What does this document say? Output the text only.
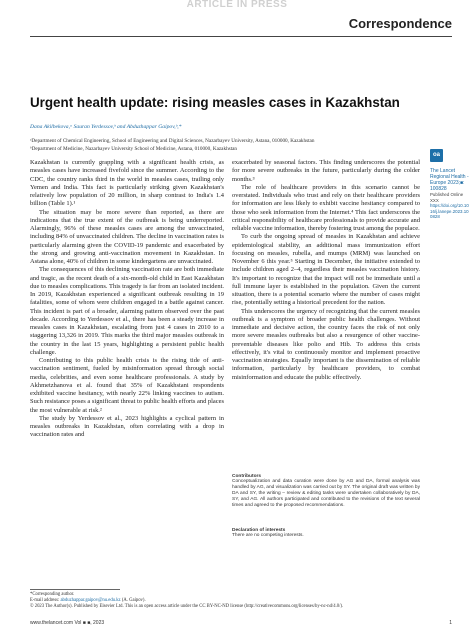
ARTICLE IN PRESS
Correspondence
Urgent health update: rising measles cases in Kazakhstan
Dana Akilbekova,ᵃ Sauran Yerdessov,ᵇ and Abduzhappar Gaipov,ᵇ,*
ᵃDepartment of Chemical Engineering, School of Engineering and Digital Sciences, Nazarbayev University, Astana, 010000, Kazakhstan
ᵇDepartment of Medicine, Nazarbayev University School of Medicine, Astana, 010000, Kazakhstan

Kazakhstan is currently grappling with a significant health crisis, as measles cases have increased fivefold since the summer. According to the CDC, the country ranks third in the world in measles cases, trailing only Yemen and India. This fact is particularly striking given Kazakhstan's relatively low population of 20 million, in sharp contrast to India's 1.4 billion (Table 1).¹

The situation may be more severe than reported, as there are indications that the true extent of the outbreak is being underreported. Alarmingly, 96% of these measles cases are among the unvaccinated, including 84% of unvaccinated children. The decline in vaccination rates is particularly alarming given the COVID-19 pandemic and exacerbated by the strong and growing anti-vaccination movement in Kazakhstan. In Astana alone, 40% of children in some kindergartens are unvaccinated.

The consequences of this declining vaccination rate are both immediate and tragic, as the recent death of a six-month-old child in East Kazakhstan due to measles complications. This tragedy is far from an isolated incident. In 2019, Kazakhstan experienced a significant outbreak resulting in 19 fatalities, some of whom were children engaged in a battle against cancer. This incident is part of a broader, alarming pattern observed over the past decade. According to Yerdessov et al., there has been a steady increase in measles cases in Kazakhstan, escalating from just 4 cases in 2010 to a staggering 13,326 in 2019. This marks the third major measles outbreak in the country in the last 15 years, highlighting a persistent public health challenge.

Contributing to this public health crisis is the rising tide of anti-vaccination sentiment, fueled by misinformation spread through social media, celebrities, and even some healthcare professionals. A study by Akhmetzhanova et al. found that 35% of Kazakhstani respondents exhibited vaccine hesitancy, with nearly 22% linking vaccines to autism. Such resistance poses a significant threat to public health efforts and places the most vulnerable at risk.²

The study by Yerdessov et al., 2023 highlights a cyclical pattern in measles outbreaks in Kazakhstan, often correlating with a drop in vaccination rates and

exacerbated by seasonal factors. This finding underscores the potential for more severe outbreaks in the future, particularly during the colder months.³

The role of healthcare providers in this scenario cannot be overstated. Individuals who trust and rely on their healthcare providers for information are less likely to exhibit vaccine hesitancy compared to those who seek information from the Internet.⁴ This fact underscores the critical responsibility of healthcare professionals to provide accurate and reliable vaccine information, thereby fostering trust among the populace.

To curb the ongoing spread of measles in Kazakhstan and achieve epidemiological stability, an additional mass immunization effort focusing on measles, rubella, and mumps (MRM) was launched on November 6 this year.⁵ Starting in December, the initiative extended to include children aged 2–4, regardless their measles vaccination history. It's important to recognize that the impact will not be immediate until a full immune layer is established in the population. Given the current situation, there is a potential scenario where the number of cases might rise, potentially setting a historical precedent for the nation.

This underscores the urgency of recognizing that the current measles outbreak is a symptom of broader public health challenges. Without immediate and decisive action, the country faces the risk of not only more severe measles outbreaks but also a resurgence of other vaccine-preventable diseases like polio and Hib. To address this crisis effectively, it's vital to continuously monitor and implement proactive vaccination strategies. Equally important is the dissemination of reliable information, particularly by healthcare providers, to combat misinformation and educate the public effectively.

oa
The Lancet Regional Health - Europe 2023;■: 100828
Published Online XXX
https://doi.org/10.1016/j.lanepe.2023.100828
Contributors
Conceptualization and data curation were done by AG and DA, formal analysis was handled by AG, and visualization was carried out by SY. The original draft was written by DA and SY, the writing – review & editing tasks were undertaken collaboratively by DA, SY, and AG. All authors participated and contributed to the revisions of the text several times and agreed to the proposed recommendations.
Declaration of interests
There are no competing interests.
*Corresponding author.
E-mail address: abduzhappar.gaipov@nu.edu.kz (A. Gaipov).
© 2023 The Author(s). Published by Elsevier Ltd. This is an open access article under the CC BY-NC-ND license (http://creativecommons.org/licenses/by-nc-nd/4.0/).
www.thelancet.com Vol ■ ■, 2023	1
